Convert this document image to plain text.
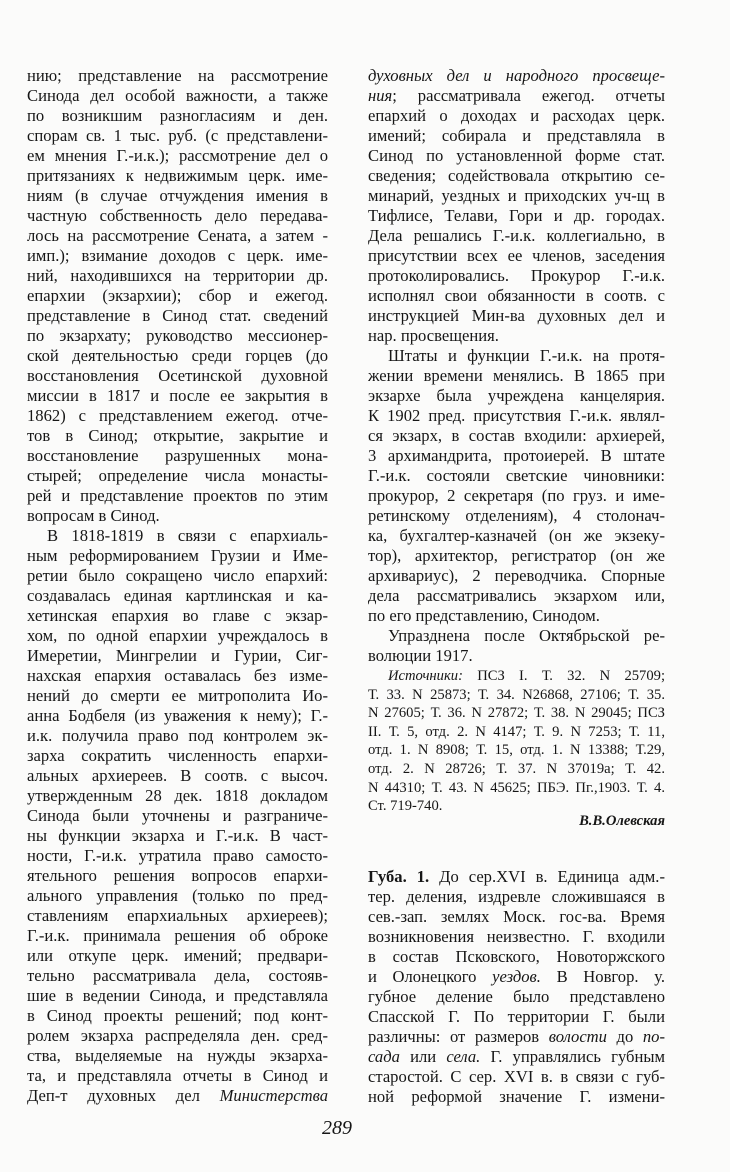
нию; представление на рассмотрение
Синода дел особой важности, а также
по возникшим разногласиям и ден.
спорам св. 1 тыс. руб. (с представлени-
ем мнения Г.-и.к.); рассмотрение дел о
притязаниях к недвижимым церк. име-
ниям (в случае отчуждения имения в
частную собственность дело передава-
лось на рассмотрение Сената, а затем -
имп.); взимание доходов с церк. име-
ний, находившихся на территории др.
епархии (экзархии); сбор и ежегод.
представление в Синод стат. сведений
по экзархату; руководство мессионер-
ской деятельностью среди горцев (до
восстановления Осетинской духовной
миссии в 1817 и после ее закрытия в
1862) с представлением ежегод. отче-
тов в Синод; открытие, закрытие и
восстановление разрушенных мона-
стырей; определение числа монасты-
рей и представление проектов по этим
вопросам в Синод.
В 1818-1819 в связи с епархиаль-
ным реформированием Грузии и Име-
ретии было сокращено число епархий:
создавалась единая картлинская и ка-
хетинская епархия во главе с экзар-
хом, по одной епархии учреждалось в
Имеретии, Мингрелии и Гурии, Сиг-
нахская епархия оставалась без изме-
нений до смерти ее митрополита Ио-
анна Бодбеля (из уважения к нему); Г.-
и.к. получила право под контролем эк-
зарха сократить численность епархи-
альных архиереев. В соотв. с высоч.
утвержденным 28 дек. 1818 докладом
Синода были уточнены и разграниче-
ны функции экзарха и Г.-и.к. В част-
ности, Г.-и.к. утратила право самосто-
ятельного решения вопросов епархи-
ального управления (только по пред-
ставлениям епархиальных архиереев);
Г.-и.к. принимала решения об оброке
или откупе церк. имений; предвари-
тельно рассматривала дела, состояв-
шие в ведении Синода, и представляла
в Синод проекты решений; под конт-
ролем экзарха распределяла ден. сред-
ства, выделяемые на нужды экзарха-
та, и представляла отчеты в Синод и
Деп-т духовных дел Министерства
духовных дел и народного просвеще-
ния; рассматривала ежегод. отчеты
епархий о доходах и расходах церк.
имений; собирала и представляла в
Синод по установленной форме стат.
сведения; содействовала открытию се-
минарий, уездных и приходских уч-щ в
Тифлисе, Телави, Гори и др. городах.
Дела решались Г.-и.к. коллегиально, в
присутствии всех ее членов, заседения
протоколировались. Прокурор Г.-и.к.
исполнял свои обязанности в соотв. с
инструкцией Мин-ва духовных дел и
нар. просвещения.
Штаты и функции Г.-и.к. на протя-
жении времени менялись. В 1865 при
экзархе была учреждена канцелярия.
К 1902 пред. присутствия Г.-и.к. являл-
ся экзарх, в состав входили: архиерей,
3 архимандрита, протоиерей. В штате
Г.-и.к. состояли светские чиновники:
прокурор, 2 секретаря (по груз. и име-
ретинскому отделениям), 4 столонач-
ка, бухгалтер-казначей (он же экзеку-
тор), архитектор, регистратор (он же
архивариус), 2 переводчика. Спорные
дела рассматривались экзархом или,
по его представлению, Синодом.
Упразднена после Октябрьской ре-
волюции 1917.
Источники: ПСЗ I. Т. 32. N 25709;
Т. 33. N 25873; Т. 34. N26868, 27106; Т. 35.
N 27605; Т. 36. N 27872; Т. 38. N 29045; ПСЗ
II. Т. 5, отд. 2. N 4147; Т. 9. N 7253; Т. 11,
отд. 1. N 8908; Т. 15, отд. 1. N 13388; Т.29,
отд. 2. N 28726; Т. 37. N 37019а; Т. 42.
N 44310; Т. 43. N 45625; ПБЭ. Пг.,1903. Т. 4.
Ст. 719-740.
В.В.Олевская
Губа. 1. До сер.XVI в. Единица адм.-
тер. деления, издревле сложившаяся в
сев.-зап. землях Моск. гос-ва. Время
возникновения неизвестно. Г. входили
в состав Псковского, Новоторжского
и Олонецкого уездов. В Новгор. у.
губное деление было представлено
Спасской Г. По территории Г. были
различны: от размеров волости до по-
сада или села. Г. управлялись губным
старостой. С сер. XVI в. в связи с губ-
ной реформой значение Г. измени-
289
